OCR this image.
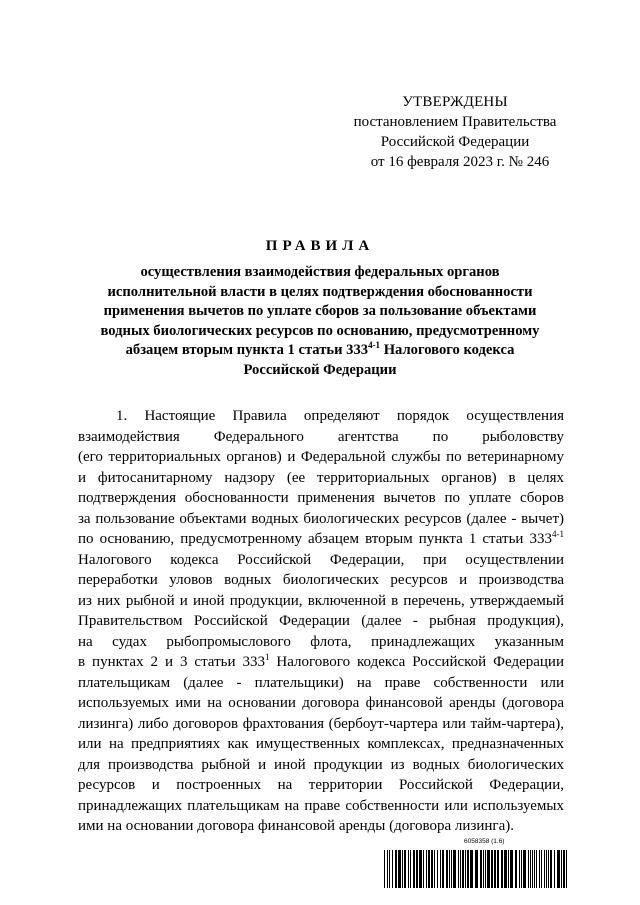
УТВЕРЖДЕНЫ
постановлением Правительства
Российской Федерации
от 16 февраля 2023 г. № 246
ПРАВИЛА
осуществления взаимодействия федеральных органов
исполнительной власти в целях подтверждения обоснованности
применения вычетов по уплате сборов за пользование объектами
водных биологических ресурсов по основанию, предусмотренному
абзацем вторым пункта 1 статьи 333$^{4-1}$ Налогового кодекса
Российской Федерации
1. Настоящие Правила определяют порядок осуществления
взаимодействия Федерального агентства по рыболовству
(его территориальных органов) и Федеральной службы по ветеринарному
и фитосанитарному надзору (ее территориальных органов) в целях
подтверждения обоснованности применения вычетов по уплате сборов
за пользование объектами водных биологических ресурсов (далее - вычет)
по основанию, предусмотренному абзацем вторым пункта 1 статьи 333$^{4-1}$
Налогового кодекса Российской Федерации, при осуществлении
переработки уловов водных биологических ресурсов и производства
из них рыбной и иной продукции, включенной в перечень, утверждаемый
Правительством Российской Федерации (далее - рыбная продукция),
на судах рыбопромыслового флота, принадлежащих указанным
в пунктах 2 и 3 статьи $333^1$ Налогового кодекса Российской Федерации
плательщикам (далее - плательщики) на праве собственности или
используемых ими на основании договора финансовой аренды (договора
лизинга) либо договоров фрахтования (бербоут-чартера или тайм-чартера),
или на предприятиях как имущественных комплексах, предназначенных
для производства рыбной и иной продукции из водных биологических
ресурсов и построенных на территории Российской Федерации,
принадлежащих плательщикам на праве собственности или используемых
ими на основании договора финансовой аренды (договора лизинга).
6058358 (1.6)
